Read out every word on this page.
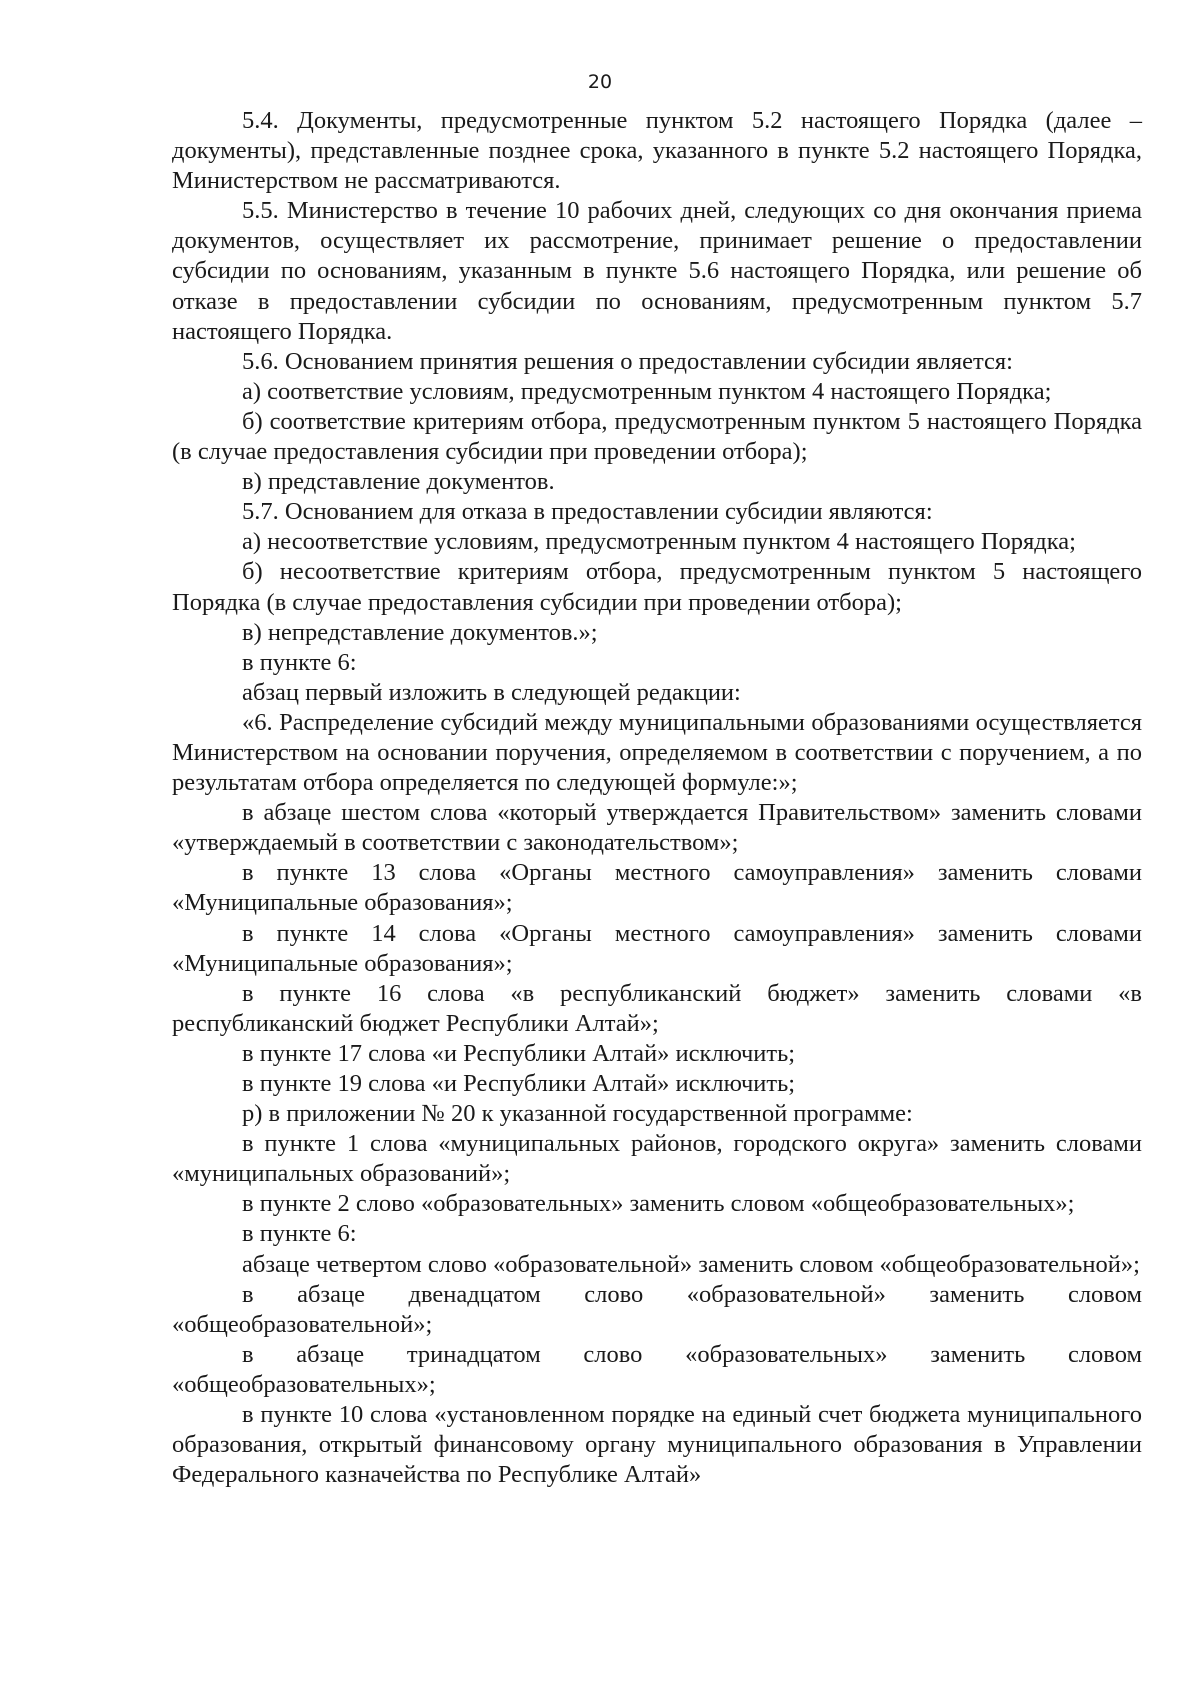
20

5.4. Документы, предусмотренные пунктом 5.2 настоящего Порядка (далее – документы), представленные позднее срока, указанного в пункте 5.2 настоящего Порядка, Министерством не рассматриваются.

5.5. Министерство в течение 10 рабочих дней, следующих со дня окончания приема документов, осуществляет их рассмотрение, принимает решение о предоставлении субсидии по основаниям, указанным в пункте 5.6 настоящего Порядка, или решение об отказе в предоставлении субсидии по основаниям, предусмотренным пунктом 5.7 настоящего Порядка.

5.6. Основанием принятия решения о предоставлении субсидии является:

а) соответствие условиям, предусмотренным пунктом 4 настоящего Порядка;

б) соответствие критериям отбора, предусмотренным пунктом 5 настоящего Порядка (в случае предоставления субсидии при проведении отбора);

в) представление документов.

5.7. Основанием для отказа в предоставлении субсидии являются:

а) несоответствие условиям, предусмотренным пунктом 4 настоящего Порядка;

б) несоответствие критериям отбора, предусмотренным пунктом 5 настоящего Порядка (в случае предоставления субсидии при проведении отбора);

в) непредставление документов.»;

в пункте 6:

абзац первый изложить в следующей редакции:

«6. Распределение субсидий между муниципальными образованиями осуществляется Министерством на основании поручения, определяемом в соответствии с поручением, а по результатам отбора определяется по следующей формуле:»;

в абзаце шестом слова «который утверждается Правительством» заменить словами «утверждаемый в соответствии с законодательством»;

в пункте 13 слова «Органы местного самоуправления» заменить словами «Муниципальные образования»;

в пункте 14 слова «Органы местного самоуправления» заменить словами «Муниципальные образования»;

в пункте 16 слова «в республиканский бюджет» заменить словами «в республиканский бюджет Республики Алтай»;

в пункте 17 слова «и Республики Алтай» исключить;

в пункте 19 слова «и Республики Алтай» исключить;

р) в приложении № 20 к указанной государственной программе:

в пункте 1 слова «муниципальных районов, городского округа» заменить словами «муниципальных образований»;

в пункте 2 слово «образовательных» заменить словом «общеобразовательных»;

в пункте 6:

абзаце четвертом слово «образовательной» заменить словом «общеобразовательной»;

в абзаце двенадцатом слово «образовательной» заменить словом «общеобразовательной»;

в абзаце тринадцатом слово «образовательных» заменить словом «общеобразовательных»;

в пункте 10 слова «установленном порядке на единый счет бюджета муниципального образования, открытый финансовому органу муниципального образования в Управлении Федерального казначейства по Республике Алтай»
